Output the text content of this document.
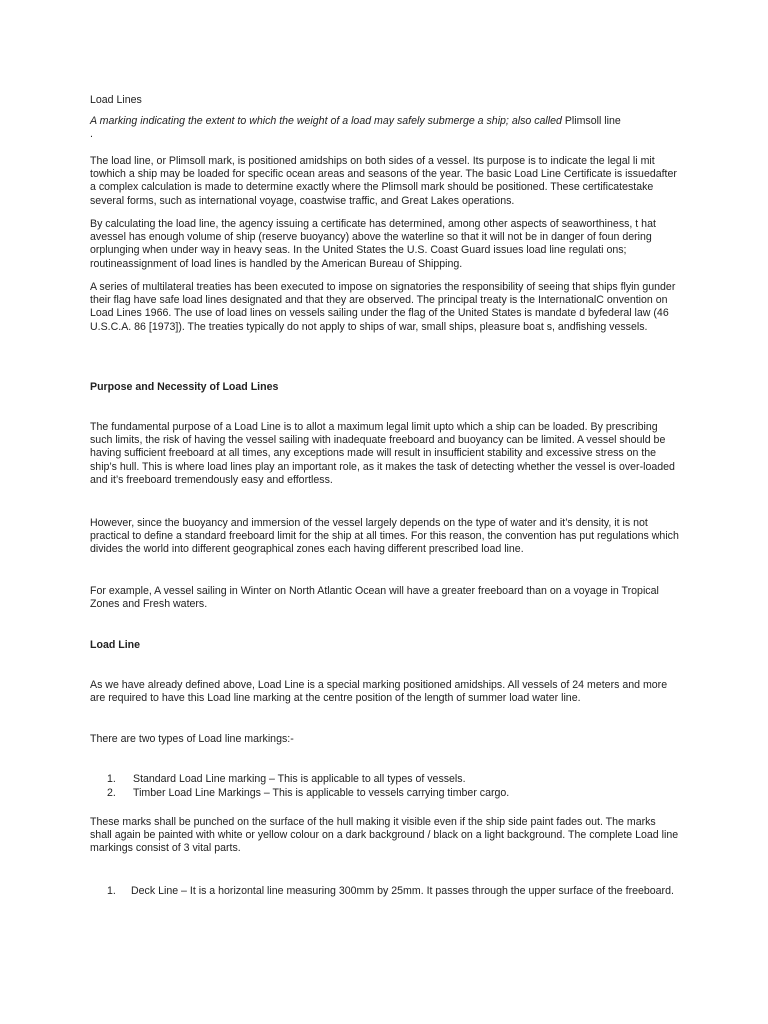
Load Lines

A marking indicating the extent to which the weight of a load may safely submerge a ship; also called Plimsoll line
.

The load line, or Plimsoll mark, is positioned amidships on both sides of a vessel. Its purpose is to indicate the legal li mit towhich a ship may be loaded for specific ocean areas and seasons of the year. The basic Load Line Certificate is issuedafter a complex calculation is made to determine exactly where the Plimsoll mark should be positioned. These certificatestake several forms, such as international voyage, coastwise traffic, and Great Lakes operations.

By calculating the load line, the agency issuing a certificate has determined, among other aspects of seaworthiness, t hat avessel has enough volume of ship (reserve buoyancy) above the waterline so that it will not be in danger of foun dering orplunging when under way in heavy seas. In the United States the U.S. Coast Guard issues load line regulati ons; routineassignment of load lines is handled by the American Bureau of Shipping.

A series of multilateral treaties has been executed to impose on signatories the responsibility of seeing that ships flyin gunder their flag have safe load lines designated and that they are observed. The principal treaty is the InternationalC onvention on Load Lines 1966. The use of load lines on vessels sailing under the flag of the United States is mandate d byfederal law (46 U.S.C.A. 86 [1973]). The treaties typically do not apply to ships of war, small ships, pleasure boat s, andfishing vessels.

Purpose and Necessity of Load Lines

The fundamental purpose of a Load Line is to allot a maximum legal limit upto which a ship can be loaded. By prescribing such limits, the risk of having the vessel sailing with inadequate freeboard and buoyancy can be limited. A vessel should be having sufficient freeboard at all times, any exceptions made will result in insufficient stability and excessive stress on the ship’s hull. This is where load lines play an important role, as it makes the task of detecting whether the vessel is over-loaded and it’s freeboard tremendously easy and effortless.

However, since the buoyancy and immersion of the vessel largely depends on the type of water and it’s density, it is not practical to define a standard freeboard limit for the ship at all times. For this reason, the convention has put regulations which divides the world into different geographical zones each having different prescribed load line.

For example, A vessel sailing in Winter on North Atlantic Ocean will have a greater freeboard than on a voyage in Tropical Zones and Fresh waters.

Load Line

As we have already defined above, Load Line is a special marking positioned amidships. All vessels of 24 meters and more are required to have this Load line marking at the centre position of the length of summer load water line.

There are two types of Load line markings:-

1. Standard Load Line marking – This is applicable to all types of vessels.
2. Timber Load Line Markings – This is applicable to vessels carrying timber cargo.

These marks shall be punched on the surface of the hull making it visible even if the ship side paint fades out. The marks shall again be painted with white or yellow colour on a dark background / black on a light background. The complete Load line markings consist of 3 vital parts.

1. Deck Line – It is a horizontal line measuring 300mm by 25mm. It passes through the upper surface of the freeboard.
